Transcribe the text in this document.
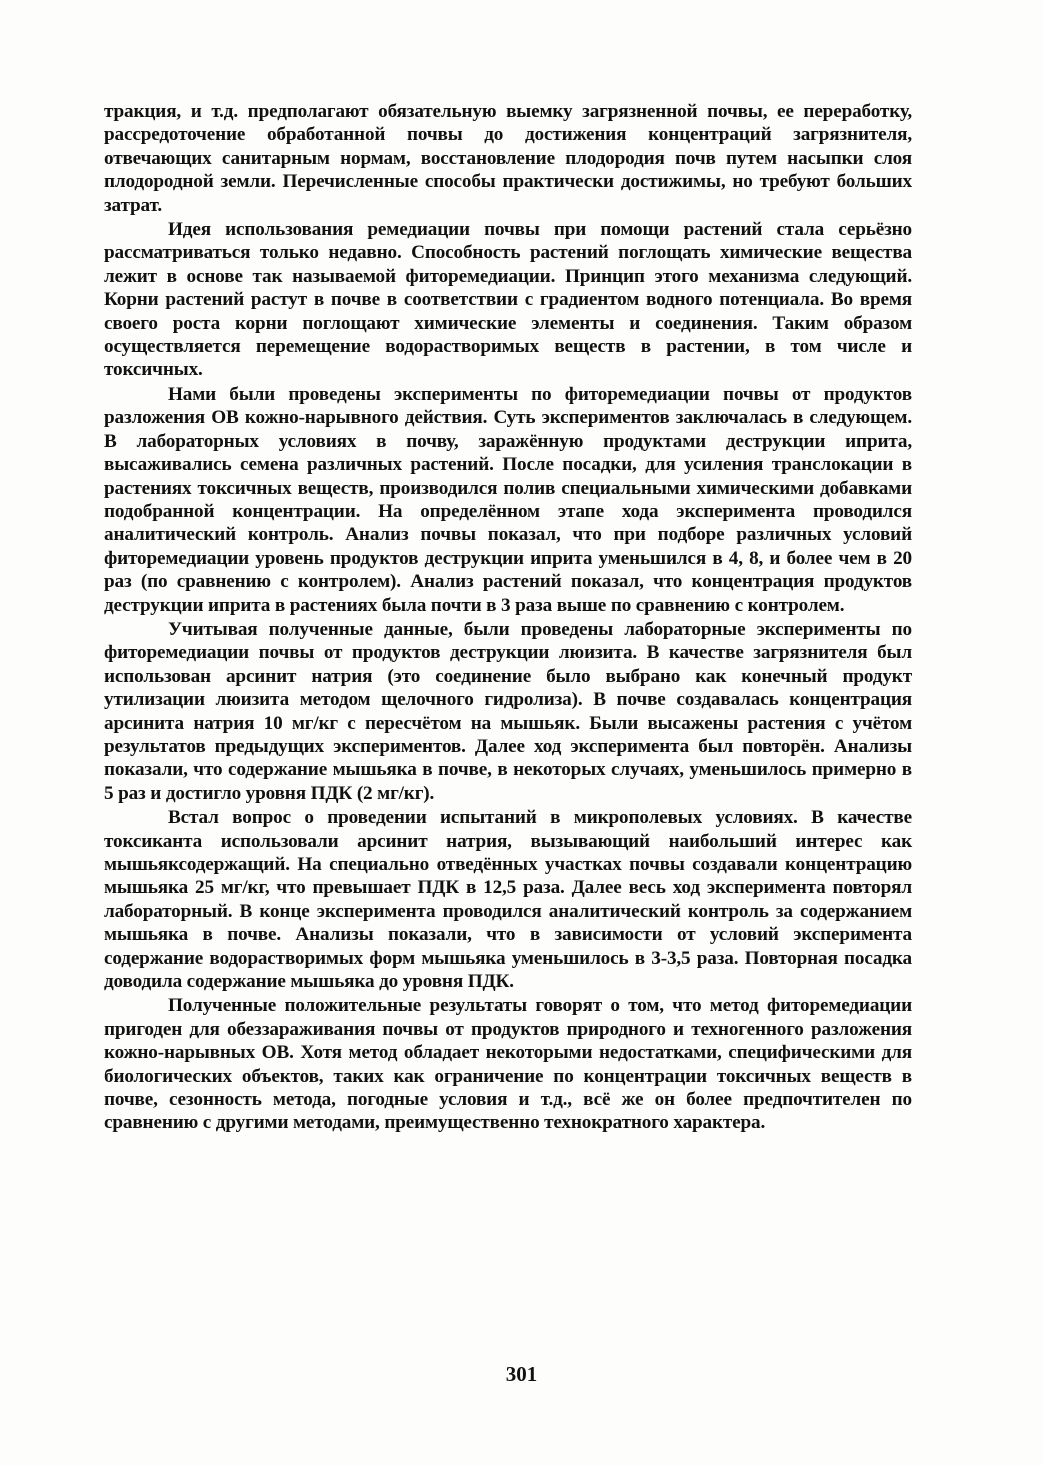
тракция, и т.д. предполагают обязательную выемку загрязненной почвы, ее переработку, рассредоточение обработанной почвы до достижения концентраций загрязнителя, отвечающих санитарным нормам, восстановление плодородия почв путем насыпки слоя плодородной земли. Перечисленные способы практически достижимы, но требуют больших затрат.

Идея использования ремедиации почвы при помощи растений стала серьёзно рассматриваться только недавно. Способность растений поглощать химические вещества лежит в основе так называемой фиторемедиации. Принцип этого механизма следующий. Корни растений растут в почве в соответствии с градиентом водного потенциала. Во время своего роста корни поглощают химические элементы и соединения. Таким образом осуществляется перемещение водорастворимых веществ в растении, в том числе и токсичных.

Нами были проведены эксперименты по фиторемедиации почвы от продуктов разложения ОВ кожно-нарывного действия. Суть экспериментов заключалась в следующем. В лабораторных условиях в почву, заражённую продуктами деструкции иприта, высаживались семена различных растений. После посадки, для усиления транслокации в растениях токсичных веществ, производился полив специальными химическими добавками подобранной концентрации. На определённом этапе хода эксперимента проводился аналитический контроль. Анализ почвы показал, что при подборе различных условий фиторемедиации уровень продуктов деструкции иприта уменьшился в 4, 8, и более чем в 20 раз (по сравнению с контролем). Анализ растений показал, что концентрация продуктов деструкции иприта в растениях была почти в 3 раза выше по сравнению с контролем.

Учитывая полученные данные, были проведены лабораторные эксперименты по фиторемедиации почвы от продуктов деструкции люизита. В качестве загрязнителя был использован арсинит натрия (это соединение было выбрано как конечный продукт утилизации люизита методом щелочного гидролиза). В почве создавалась концентрация арсинита натрия 10 мг/кг с пересчётом на мышьяк. Были высажены растения с учётом результатов предыдущих экспериментов. Далее ход эксперимента был повторён. Анализы показали, что содержание мышьяка в почве, в некоторых случаях, уменьшилось примерно в 5 раз и достигло уровня ПДК (2 мг/кг).

Встал вопрос о проведении испытаний в микрополевых условиях. В качестве токсиканта использовали арсинит натрия, вызывающий наибольший интерес как мышьяксодержащий. На специально отведённых участках почвы создавали концентрацию мышьяка 25 мг/кг, что превышает ПДК в 12,5 раза. Далее весь ход эксперимента повторял лабораторный. В конце эксперимента проводился аналитический контроль за содержанием мышьяка в почве. Анализы показали, что в зависимости от условий эксперимента содержание водорастворимых форм мышьяка уменьшилось в 3-3,5 раза. Повторная посадка доводила содержание мышьяка до уровня ПДК.

Полученные положительные результаты говорят о том, что метод фиторемедиации пригоден для обеззараживания почвы от продуктов природного и техногенного разложения кожно-нарывных ОВ. Хотя метод обладает некоторыми недостатками, специфическими для биологических объектов, таких как ограничение по концентрации токсичных веществ в почве, сезонность метода, погодные условия и т.д., всё же он более предпочтителен по сравнению с другими методами, преимущественно технократного характера.

301
